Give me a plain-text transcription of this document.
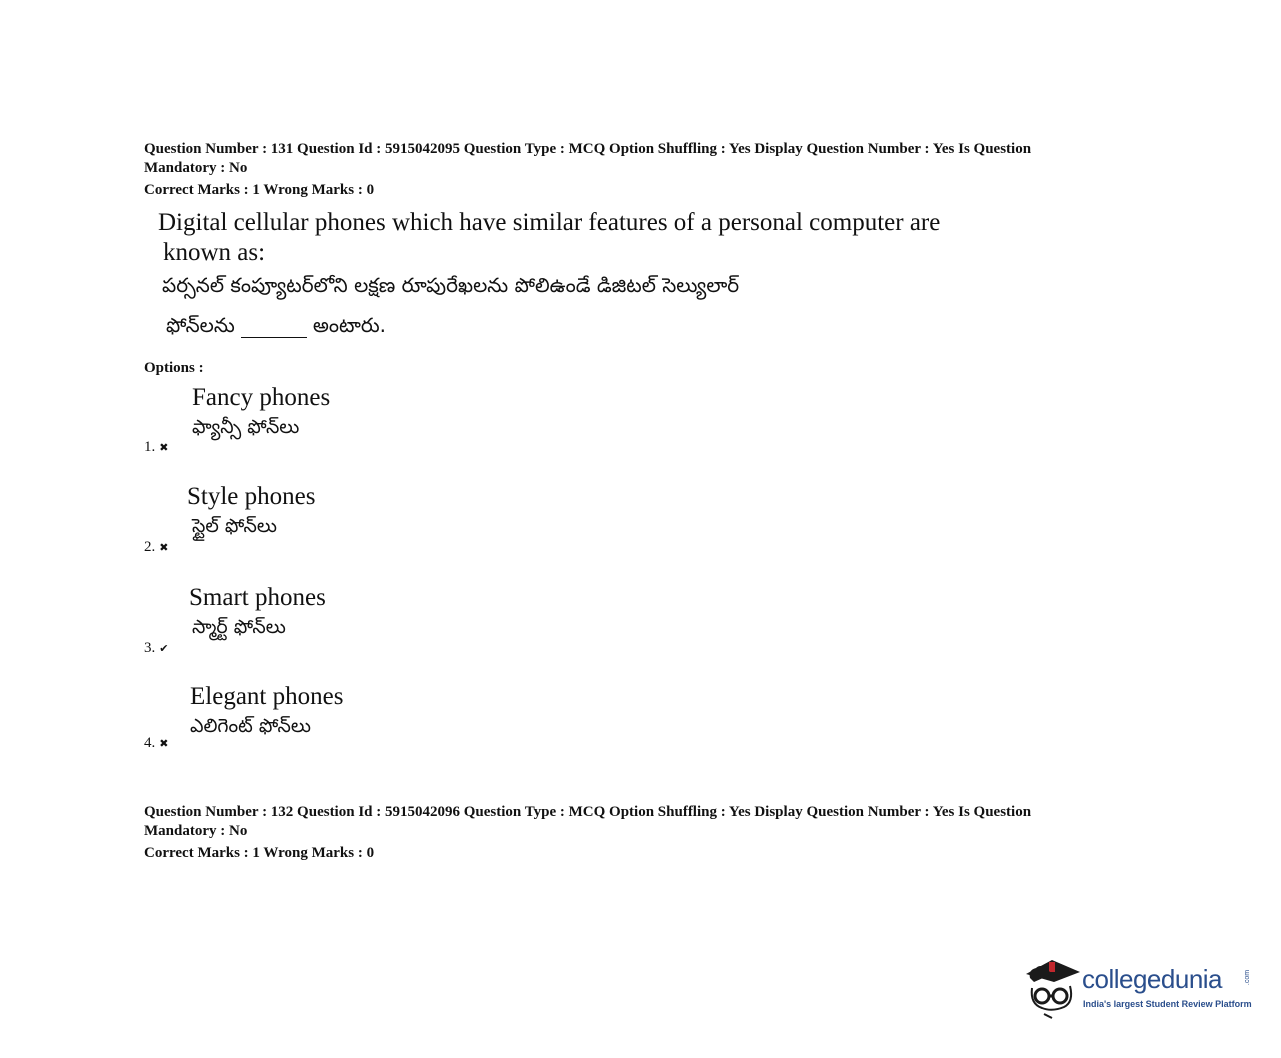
Question Number : 131 Question Id : 5915042095 Question Type : MCQ Option Shuffling : Yes Display Question Number : Yes Is Question
Mandatory : No
Correct Marks : 1 Wrong Marks : 0
Digital cellular phones which have similar features of a personal computer are
known as:
పర్సనల్ కంప్యూటర్‌లోని లక్షణ రూపురేఖలను పోలిఉండే డిజిటల్ సెల్యులార్
ఫోన్‌లను	అంటారు.
Options :
Fancy phones
ఫ్యాన్సీ ఫోన్‌లు
1. ✖
Style phones
స్టైల్ ఫోన్‌లు
2. ✖
Smart phones
స్మార్ట్ ఫోన్‌లు
3. ✔
Elegant phones
ఎలిగెంట్ ఫోన్‌లు
4. ✖
Question Number : 132 Question Id : 5915042096 Question Type : MCQ Option Shuffling : Yes Display Question Number : Yes Is Question
Mandatory : No
Correct Marks : 1 Wrong Marks : 0
collegedunia	.com
India's largest Student Review Platform
